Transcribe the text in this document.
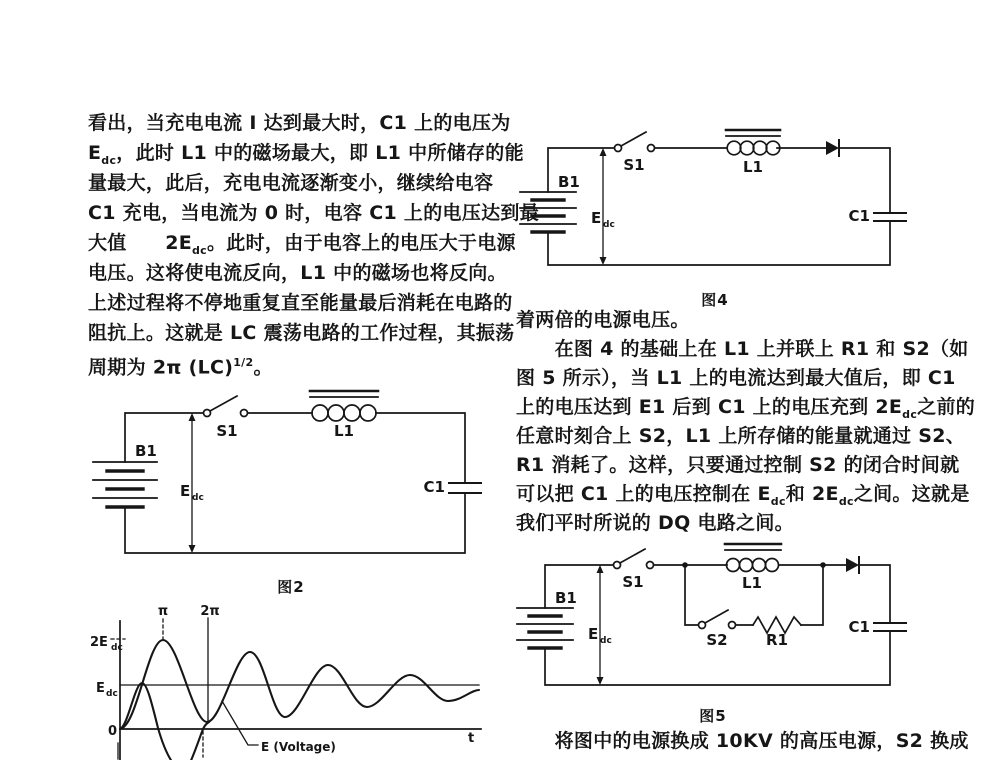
看出，当充电电流 I 达到最大时，C1 上的电压为
$E_{dc}$，此时 L1 中的磁场最大，即 L1 中所储存的能
量最大，此后，充电电流逐渐变小，继续给电容
C1 充电，当电流为 0 时，电容 C1 上的电压达到最
大值　　$2E_{dc}$。此时，由于电容上的电压大于电源
电压。这将使电流反向，L1 中的磁场也将反向。
上述过程将不停地重复直至能量最后消耗在电路的
阻抗上。这就是 LC 震荡电路的工作过程，其振荡
周期为 2π (LC)$^{1/2}$。
B1
E dc
S1	L1
C1
图2
2E dc
E dc
0	t
π 2π
E (Voltage)
B1
E dc
S1	L1
C1
图4
着两倍的电源电压。
　　在图 4 的基础上在 L1 上并联上 R1 和 S2（如
图 5 所示），当 L1 上的电流达到最大值后，即 C1
上的电压达到 E1 后到 C1 上的电压充到 $2E_{dc}$之前的
任意时刻合上 S2，L1 上所存储的能量就通过 S2、
R1 消耗了。这样，只要通过控制 S2 的闭合时间就
可以把 C1 上的电压控制在 $E_{dc}$和 $2E_{dc}$之间。这就是
我们平时所说的 DQ 电路之间。
B1
E dc
S1	L1
S2	R1
C1
图5
　　将图中的电源换成 10KV 的高压电源，S2 换成
